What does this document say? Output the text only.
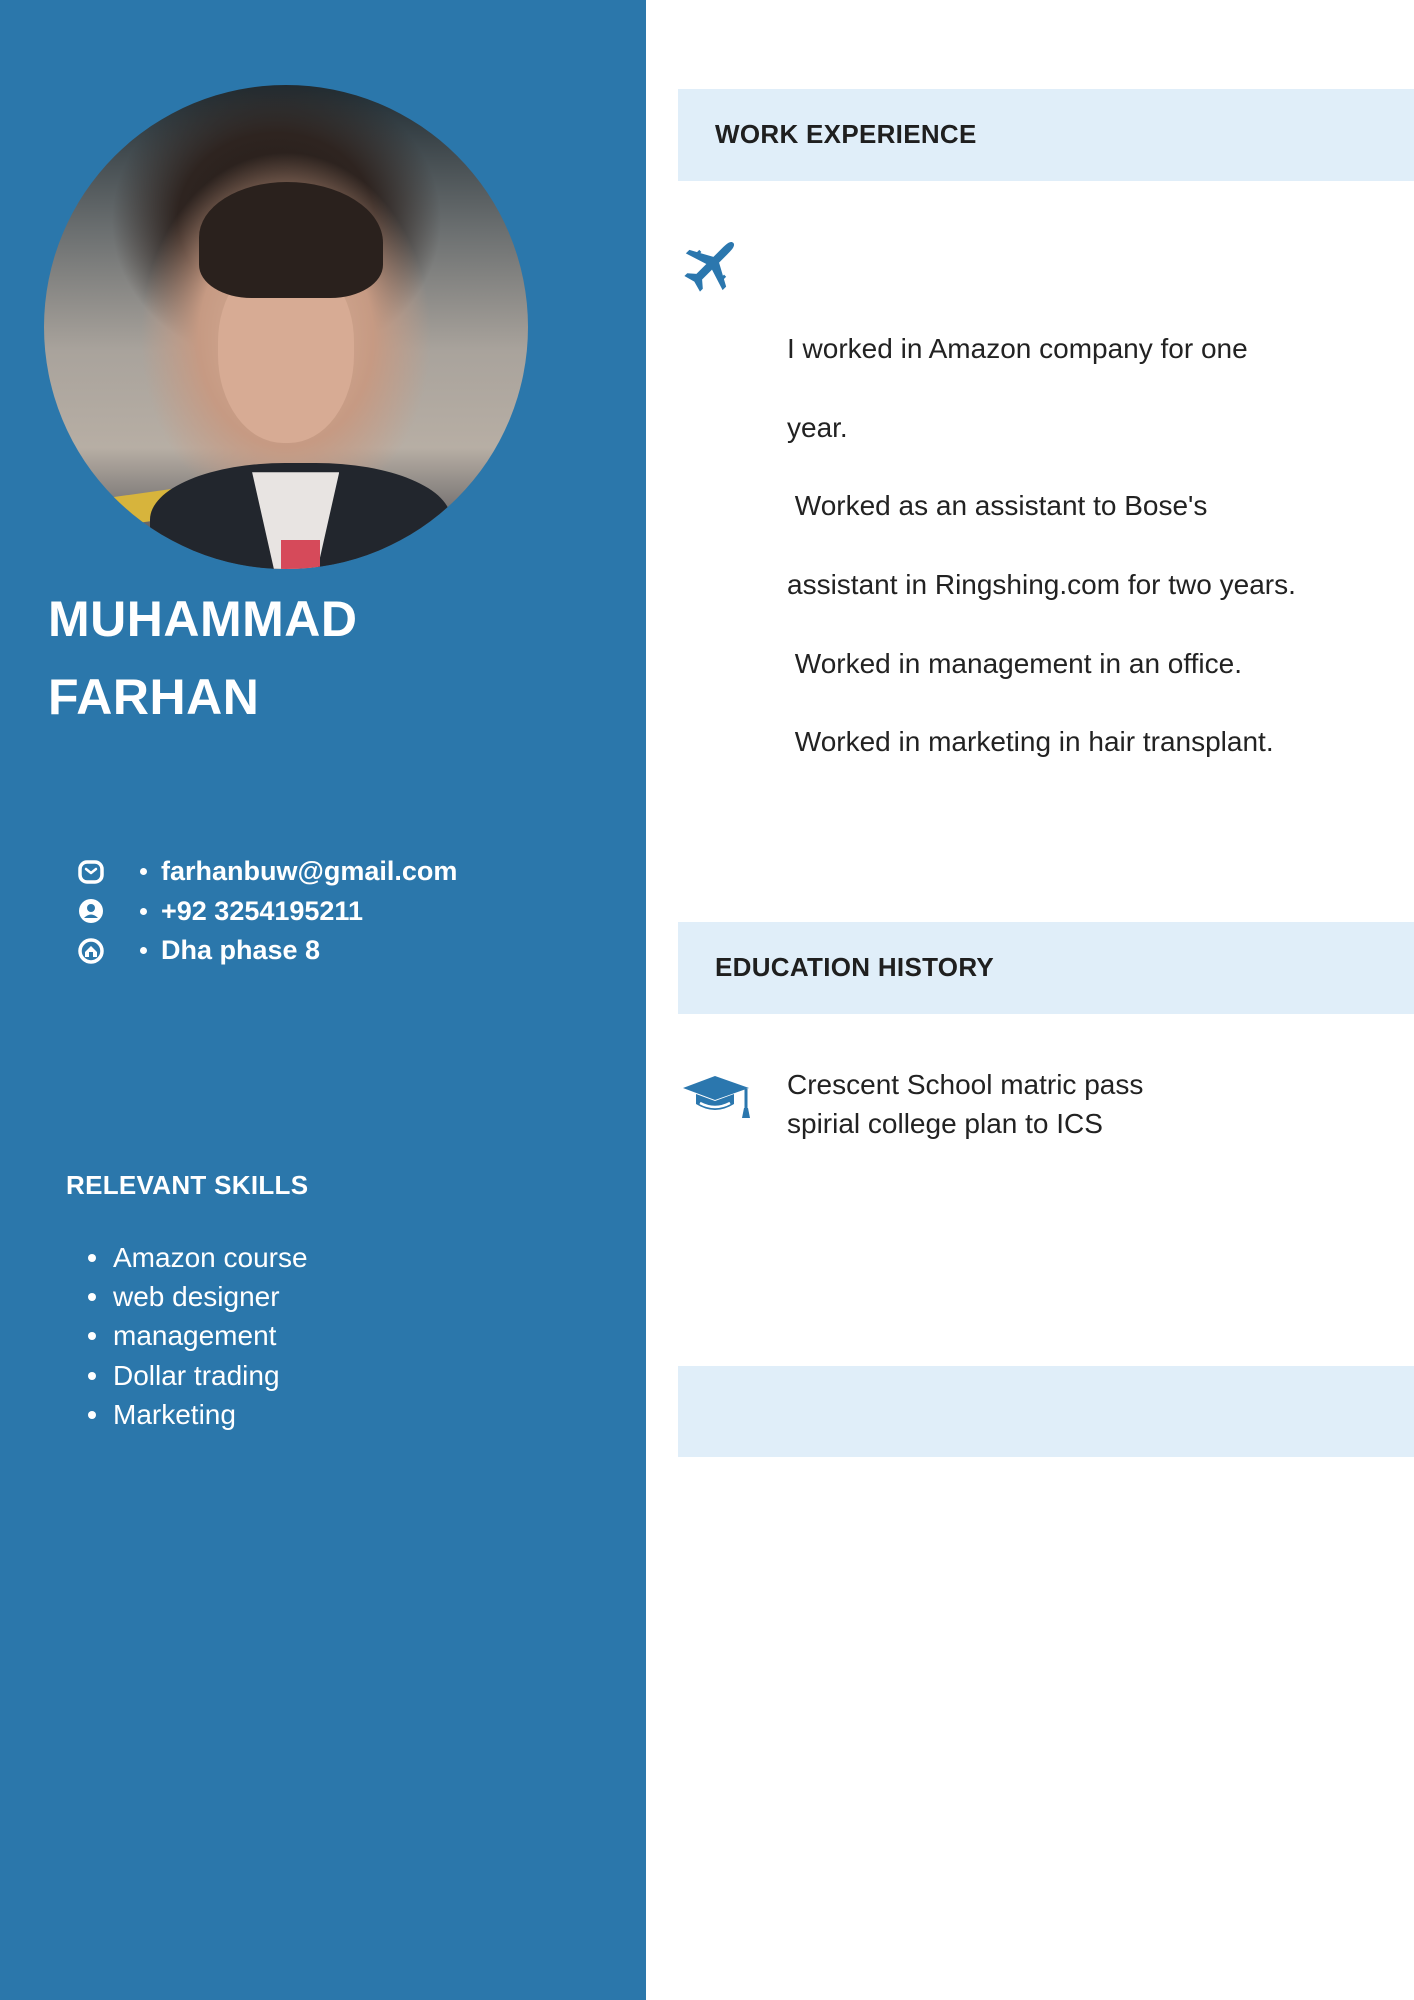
MUHAMMAD
FARHAN
farhanbuw@gmail.com
+92 3254195211
Dha phase 8
RELEVANT SKILLS
Amazon course
web designer
management
Dollar trading
Marketing
WORK EXPERIENCE

I worked in Amazon company for one

year.

Worked as an assistant to Bose's

assistant in Ringshing.com for two years.

Worked in management in an office.

Worked in marketing in hair transplant.

EDUCATION HISTORY
Crescent School matric pass
spirial college plan to ICS
